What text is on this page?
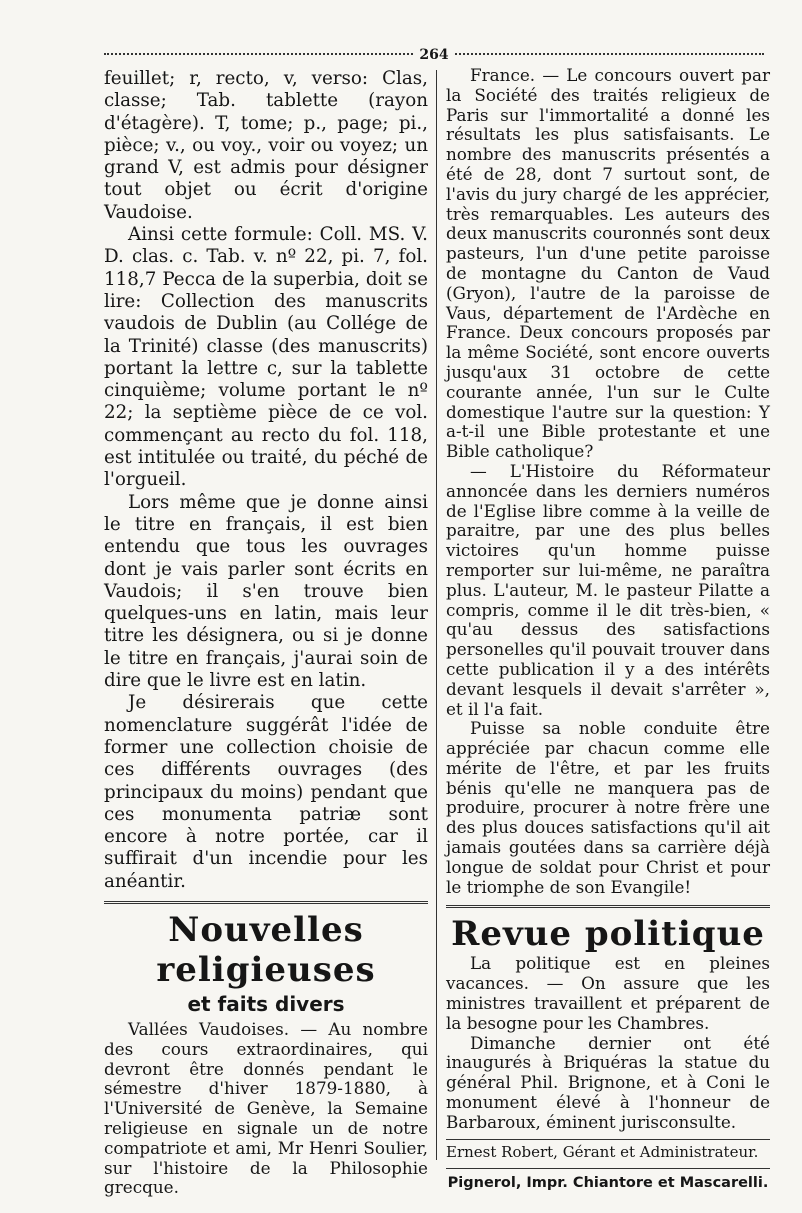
264

feuillet; r, recto, v, verso: Clas, classe; Tab. tablette (rayon d'étagère). T, tome; p., page; pi., pièce; v., ou voy., voir ou voyez; un grand V, est admis pour désigner tout objet ou écrit d'origine Vaudoise.

Ainsi cette formule: Coll. MS. V. D. clas. c. Tab. v. nº 22, pi. 7, fol. 118,7 Pecca de la superbia, doit se lire: Collection des manuscrits vaudois de Dublin (au Collége de la Trinité) classe (des manuscrits) portant la lettre c, sur la tablette cinquième; volume portant le nº 22; la septième pièce de ce vol. commençant au recto du fol. 118, est intitulée ou traité, du péché de l'orgueil.

Lors même que je donne ainsi le titre en français, il est bien entendu que tous les ouvrages dont je vais parler sont écrits en Vaudois; il s'en trouve bien quelques-uns en latin, mais leur titre les désignera, ou si je donne le titre en français, j'aurai soin de dire que le livre est en latin.

Je désirerais que cette nomenclature suggérât l'idée de former une collection choisie de ces différents ouvrages (des principaux du moins) pendant que ces monumenta patriæ sont encore à notre portée, car il suffirait d'un incendie pour les anéantir.

Nouvelles religieuses
et faits divers

Vallées Vaudoises. — Au nombre des cours extraordinaires, qui devront être donnés pendant le sémestre d'hiver 1879-1880, à l'Université de Genève, la Semaine religieuse en signale un de notre compatriote et ami, Mr Henri Soulier, sur l'histoire de la Philosophie grecque.

France. — Le concours ouvert par la Société des traités religieux de Paris sur l'immortalité a donné les résultats les plus satisfaisants. Le nombre des manuscrits présentés a été de 28, dont 7 surtout sont, de l'avis du jury chargé de les apprécier, très remarquables. Les auteurs des deux manuscrits couronnés sont deux pasteurs, l'un d'une petite paroisse de montagne du Canton de Vaud (Gryon), l'autre de la paroisse de Vaus, département de l'Ardèche en France. Deux concours proposés par la même Société, sont encore ouverts jusqu'aux 31 octobre de cette courante année, l'un sur le Culte domestique l'autre sur la question: Y a-t-il une Bible protestante et une Bible catholique?

— L'Histoire du Réformateur annoncée dans les derniers numéros de l'Eglise libre comme à la veille de paraitre, par une des plus belles victoires qu'un homme puisse remporter sur lui-même, ne paraîtra plus. L'auteur, M. le pasteur Pilatte a compris, comme il le dit très-bien, « qu'au dessus des satisfactions personelles qu'il pouvait trouver dans cette publication il y a des intérêts devant lesquels il devait s'arrêter », et il l'a fait.

Puisse sa noble conduite être appréciée par chacun comme elle mérite de l'être, et par les fruits bénis qu'elle ne manquera pas de produire, procurer à notre frère une des plus douces satisfactions qu'il ait jamais goutées dans sa carrière déjà longue de soldat pour Christ et pour le triomphe de son Evangile!

Revue politique

La politique est en pleines vacances. — On assure que les ministres travaillent et préparent de la besogne pour les Chambres.

Dimanche dernier ont été inaugurés à Briquéras la statue du général Phil. Brignone, et à Coni le monument élevé à l'honneur de Barbaroux, éminent jurisconsulte.

Ernest Robert, Gérant et Administrateur.

Pignerol, Impr. Chiantore et Mascarelli.
